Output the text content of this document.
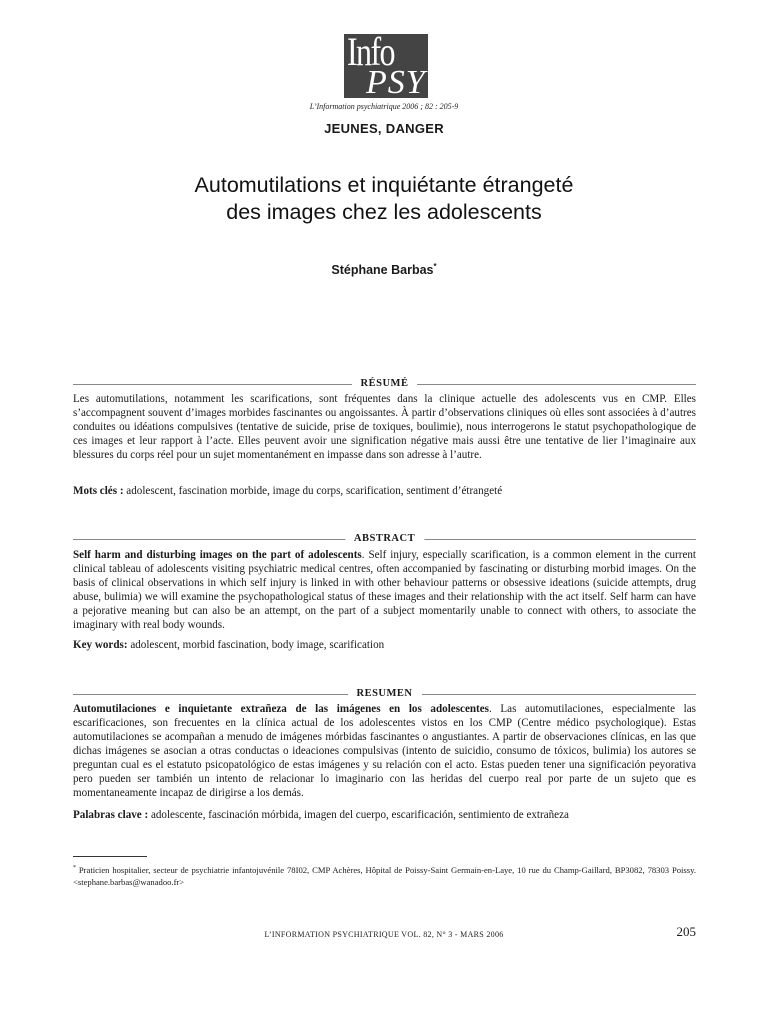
Info
PSY
L’Information psychiatrique 2006 ; 82 : 205-9
JEUNES, DANGER
Automutilations et inquiétante étrangeté
des images chez les adolescents
Stéphane Barbas*
RÉSUMÉ
Les automutilations, notamment les scarifications, sont fréquentes dans la clinique actuelle des adolescents vus en CMP. Elles s’accompagnent souvent d’images morbides fascinantes ou angoissantes. À partir d’observations cliniques où elles sont associées à d’autres conduites ou idéations compulsives (tentative de suicide, prise de toxiques, boulimie), nous interrogerons le statut psychopathologique de ces images et leur rapport à l’acte. Elles peuvent avoir une signification négative mais aussi être une tentative de lier l’imaginaire aux blessures du corps réel pour un sujet momentanément en impasse dans son adresse à l’autre.
Mots clés : adolescent, fascination morbide, image du corps, scarification, sentiment d’étrangeté
ABSTRACT
Self harm and disturbing images on the part of adolescents. Self injury, especially scarification, is a common element in the current clinical tableau of adolescents visiting psychiatric medical centres, often accompanied by fascinating or disturbing morbid images. On the basis of clinical observations in which self injury is linked in with other behaviour patterns or obsessive ideations (suicide attempts, drug abuse, bulimia) we will examine the psychopathological status of these images and their relationship with the act itself. Self harm can have a pejorative meaning but can also be an attempt, on the part of a subject momentarily unable to connect with others, to associate the imaginary with real body wounds.
Key words: adolescent, morbid fascination, body image, scarification
RESUMEN
Automutilaciones e inquietante extrañeza de las imágenes en los adolescentes. Las automutilaciones, especialmente las escarificaciones, son frecuentes en la clínica actual de los adolescentes vistos en los CMP (Centre médico psychologique). Estas automutilaciones se acompañan a menudo de imágenes mórbidas fascinantes o angustiantes. A partir de observaciones clínicas, en las que dichas imágenes se asocian a otras conductas o ideaciones compulsivas (intento de suicidio, consumo de tóxicos, bulimia) los autores se preguntan cual es el estatuto psicopatológico de estas imágenes y su relación con el acto. Estas pueden tener una significación peyorativa pero pueden ser también un intento de relacionar lo imaginario con las heridas del cuerpo real por parte de un sujeto que es momentaneamente incapaz de dirigirse a los demás.
Palabras clave : adolescente, fascinación mórbida, imagen del cuerpo, escarificación, sentimiento de extrañeza
* Praticien hospitalier, secteur de psychiatrie infantojuvénile 78I02, CMP Achères, Hôpital de Poissy-Saint Germain-en-Laye, 10 rue du Champ-Gaillard, BP3082, 78303 Poissy. <stephane.barbas@wanadoo.fr>
L’INFORMATION PSYCHIATRIQUE VOL. 82, N° 3 - MARS 2006	205
